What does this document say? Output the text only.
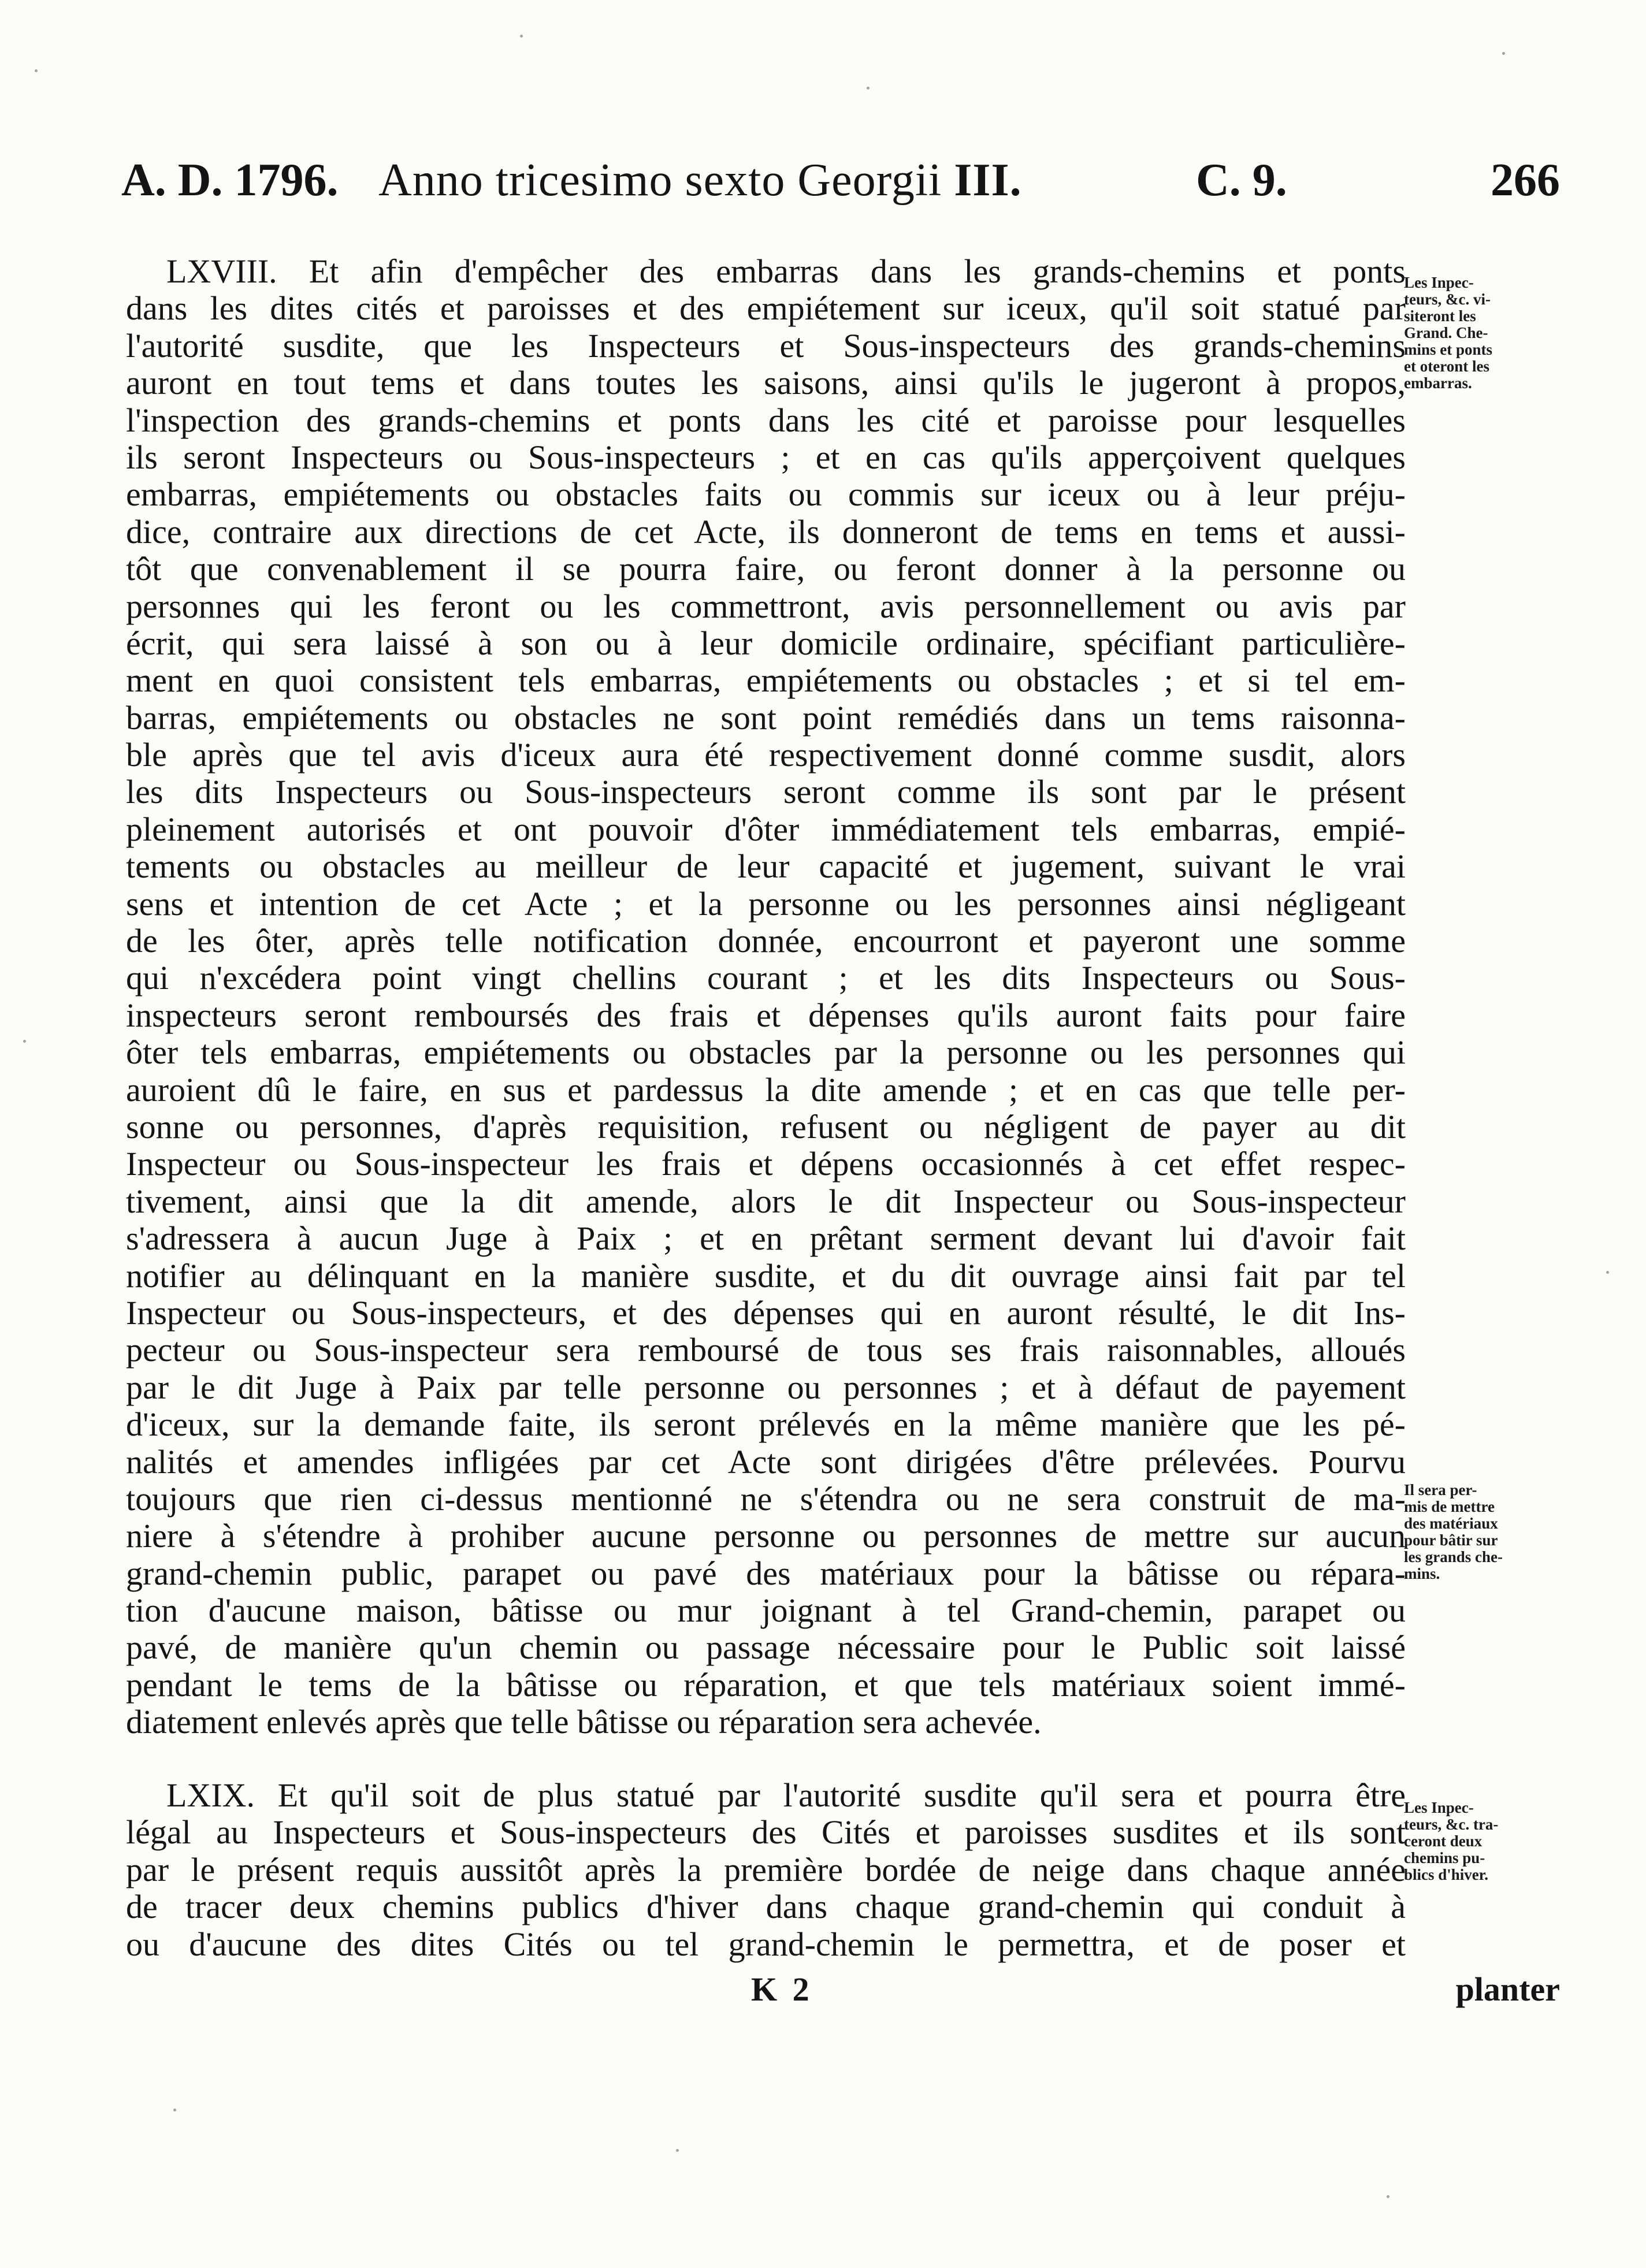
A. D. 1796. Anno tricesimo sexto Georgii III.	C. 9.	266
LXVIII. Et afin d'empêcher des embarras dans les grands-chemins et ponts
dans les dites cités et paroisses et des empiétement sur iceux, qu'il soit statué par
l'autorité susdite, que les Inspecteurs et Sous-inspecteurs des grands-chemins
auront en tout tems et dans toutes les saisons, ainsi qu'ils le jugeront à propos,
l'inspection des grands-chemins et ponts dans les cité et paroisse pour lesquelles
ils seront Inspecteurs ou Sous-inspecteurs ; et en cas qu'ils apperçoivent quelques
embarras, empiétements ou obstacles faits ou commis sur iceux ou à leur préju-
dice, contraire aux directions de cet Acte, ils donneront de tems en tems et aussi-
tôt que convenablement il se pourra faire, ou feront donner à la personne ou
personnes qui les feront ou les commettront, avis personnellement ou avis par
écrit, qui sera laissé à son ou à leur domicile ordinaire, spécifiant particulière-
ment en quoi consistent tels embarras, empiétements ou obstacles ; et si tel em-
barras, empiétements ou obstacles ne sont point remédiés dans un tems raisonna-
ble après que tel avis d'iceux aura été respectivement donné comme susdit, alors
les dits Inspecteurs ou Sous-inspecteurs seront comme ils sont par le présent
pleinement autorisés et ont pouvoir d'ôter immédiatement tels embarras, empié-
tements ou obstacles au meilleur de leur capacité et jugement, suivant le vrai
sens et intention de cet Acte ; et la personne ou les personnes ainsi négligeant
de les ôter, après telle notification donnée, encourront et payeront une somme
qui n'excédera point vingt chellins courant ; et les dits Inspecteurs ou Sous-
inspecteurs seront remboursés des frais et dépenses qu'ils auront faits pour faire
ôter tels embarras, empiétements ou obstacles par la personne ou les personnes qui
auroient dû le faire, en sus et pardessus la dite amende ; et en cas que telle per-
sonne ou personnes, d'après requisition, refusent ou négligent de payer au dit
Inspecteur ou Sous-inspecteur les frais et dépens occasionnés à cet effet respec-
tivement, ainsi que la dit amende, alors le dit Inspecteur ou Sous-inspecteur
s'adressera à aucun Juge à Paix ; et en prêtant serment devant lui d'avoir fait
notifier au délinquant en la manière susdite, et du dit ouvrage ainsi fait par tel
Inspecteur ou Sous-inspecteurs, et des dépenses qui en auront résulté, le dit Ins-
pecteur ou Sous-inspecteur sera remboursé de tous ses frais raisonnables, alloués
par le dit Juge à Paix par telle personne ou personnes ; et à défaut de payement
d'iceux, sur la demande faite, ils seront prélevés en la même manière que les pé-
nalités et amendes infligées par cet Acte sont dirigées d'être prélevées. Pourvu
toujours que rien ci-dessus mentionné ne s'étendra ou ne sera construit de ma-
niere à s'étendre à prohiber aucune personne ou personnes de mettre sur aucun
grand-chemin public, parapet ou pavé des matériaux pour la bâtisse ou répara-
tion d'aucune maison, bâtisse ou mur joignant à tel Grand-chemin, parapet ou
pavé, de manière qu'un chemin ou passage nécessaire pour le Public soit laissé
pendant le tems de la bâtisse ou réparation, et que tels matériaux soient immé-
diatement enlevés après que telle bâtisse ou réparation sera achevée.
LXIX. Et qu'il soit de plus statué par l'autorité susdite qu'il sera et pourra être
légal au Inspecteurs et Sous-inspecteurs des Cités et paroisses susdites et ils sont
par le présent requis aussitôt après la première bordée de neige dans chaque année
de tracer deux chemins publics d'hiver dans chaque grand-chemin qui conduit à
ou d'aucune des dites Cités ou tel grand-chemin le permettra, et de poser et
Les Inpec-
teurs, &c. vi-
siteront les
Grand. Che-
mins et ponts
et oteront les
embarras.
Il sera per-
mis de mettre
des matériaux
pour bâtir sur
les grands che-
mins.
Les Inpec-
teurs, &c. tra-
ceront deux
chemins pu-
blics d'hiver.
K 2	planter
